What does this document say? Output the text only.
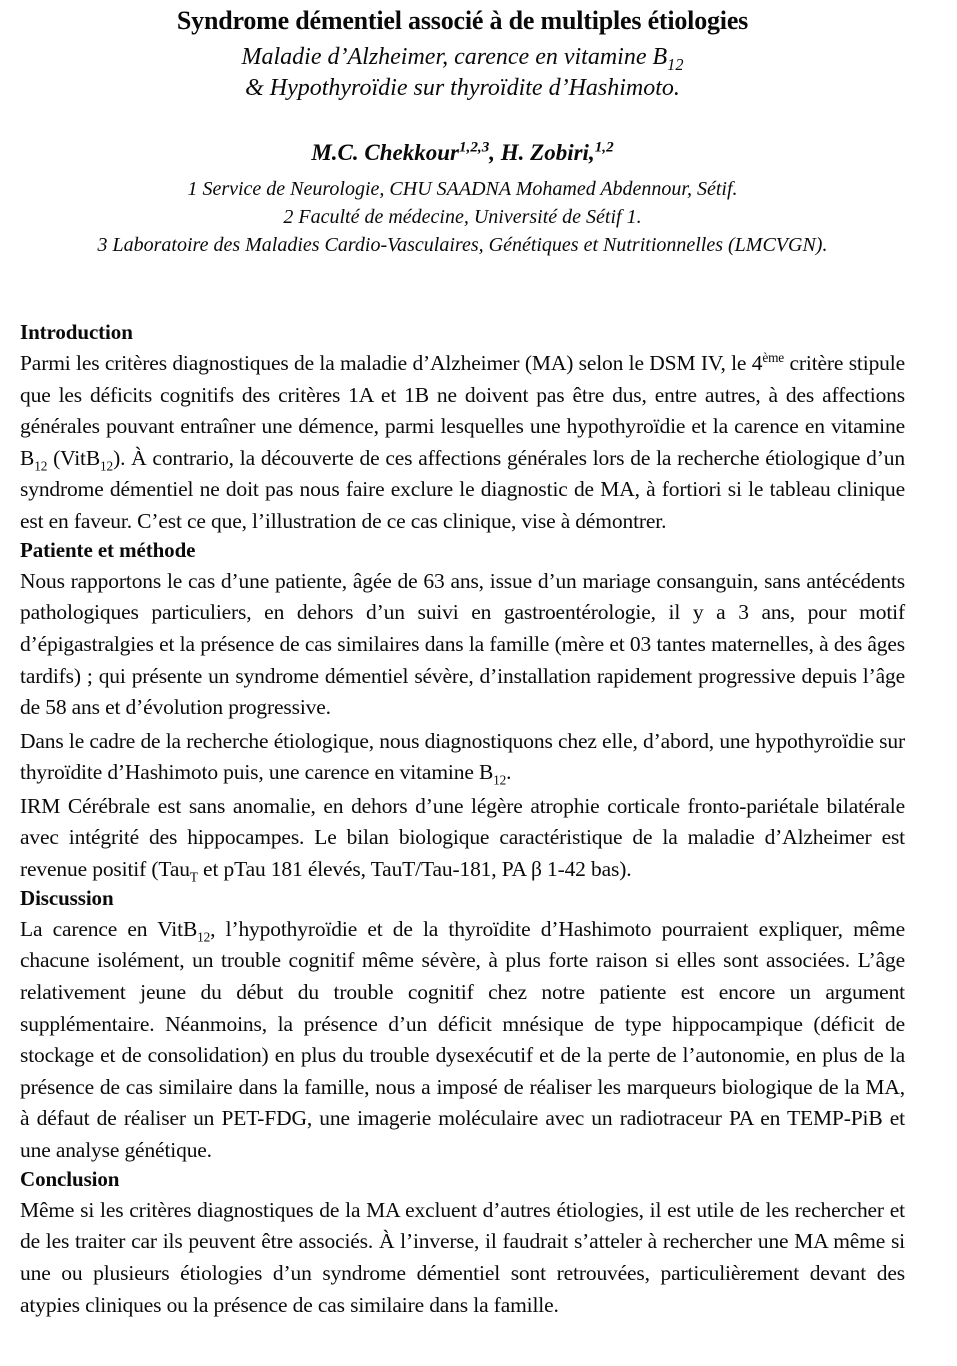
Syndrome démentiel associé à de multiples étiologies
Maladie d’Alzheimer, carence en vitamine $B_{12}$
& Hypothyroïdie sur thyroïdite d’Hashimoto.
M.C. Chekkour$^{1,2,3}$, H. Zobiri,$^{1,2}$
1 Service de Neurologie, CHU SAADNA Mohamed Abdennour, Sétif.
2 Faculté de médecine, Université de Sétif 1.
3 Laboratoire des Maladies Cardio-Vasculaires, Génétiques et Nutritionnelles (LMCVGN).
Introduction

Parmi les critères diagnostiques de la maladie d’Alzheimer (MA) selon le DSM IV, le 4ème critère stipule que les déficits cognitifs des critères 1A et 1B ne doivent pas être dus, entre autres, à des affections générales pouvant entraîner une démence, parmi lesquelles une hypothyroïdie et la carence en vitamine $B_{12}$ (VitB$_{12}$). À contrario, la découverte de ces affections générales lors de la recherche étiologique d’un syndrome démentiel ne doit pas nous faire exclure le diagnostic de MA, à fortiori si le tableau clinique est en faveur. C’est ce que, l’illustration de ce cas clinique, vise à démontrer.

Patiente et méthode

Nous rapportons le cas d’une patiente, âgée de 63 ans, issue d’un mariage consanguin, sans antécédents pathologiques particuliers, en dehors d’un suivi en gastroentérologie, il y a 3 ans, pour motif d’épigastralgies et la présence de cas similaires dans la famille (mère et 03 tantes maternelles, à des âges tardifs) ; qui présente un syndrome démentiel sévère, d’installation rapidement progressive depuis l’âge de 58 ans et d’évolution progressive.

Dans le cadre de la recherche étiologique, nous diagnostiquons chez elle, d’abord, une hypothyroïdie sur thyroïdite d’Hashimoto puis, une carence en vitamine $B_{12}$.

IRM Cérébrale est sans anomalie, en dehors d’une légère atrophie corticale fronto-pariétale bilatérale avec intégrité des hippocampes. Le bilan biologique caractéristique de la maladie d’Alzheimer est revenue positif (Tau$_T$ et pTau 181 élevés, TauT/Tau-181, PA β 1-42 bas).

Discussion

La carence en VitB$_{12}$, l’hypothyroïdie et de la thyroïdite d’Hashimoto pourraient expliquer, même chacune isolément, un trouble cognitif même sévère, à plus forte raison si elles sont associées. L’âge relativement jeune du début du trouble cognitif chez notre patiente est encore un argument supplémentaire. Néanmoins, la présence d’un déficit mnésique de type hippocampique (déficit de stockage et de consolidation) en plus du trouble dysexécutif et de la perte de l’autonomie, en plus de la présence de cas similaire dans la famille, nous a imposé de réaliser les marqueurs biologique de la MA, à défaut de réaliser un PET-FDG, une imagerie moléculaire avec un radiotraceur PA en TEMP-PiB et une analyse génétique.

Conclusion

Même si les critères diagnostiques de la MA excluent d’autres étiologies, il est utile de les rechercher et de les traiter car ils peuvent être associés. À l’inverse, il faudrait s’atteler à rechercher une MA même si une ou plusieurs étiologies d’un syndrome démentiel sont retrouvées, particulièrement devant des atypies cliniques ou la présence de cas similaire dans la famille.
